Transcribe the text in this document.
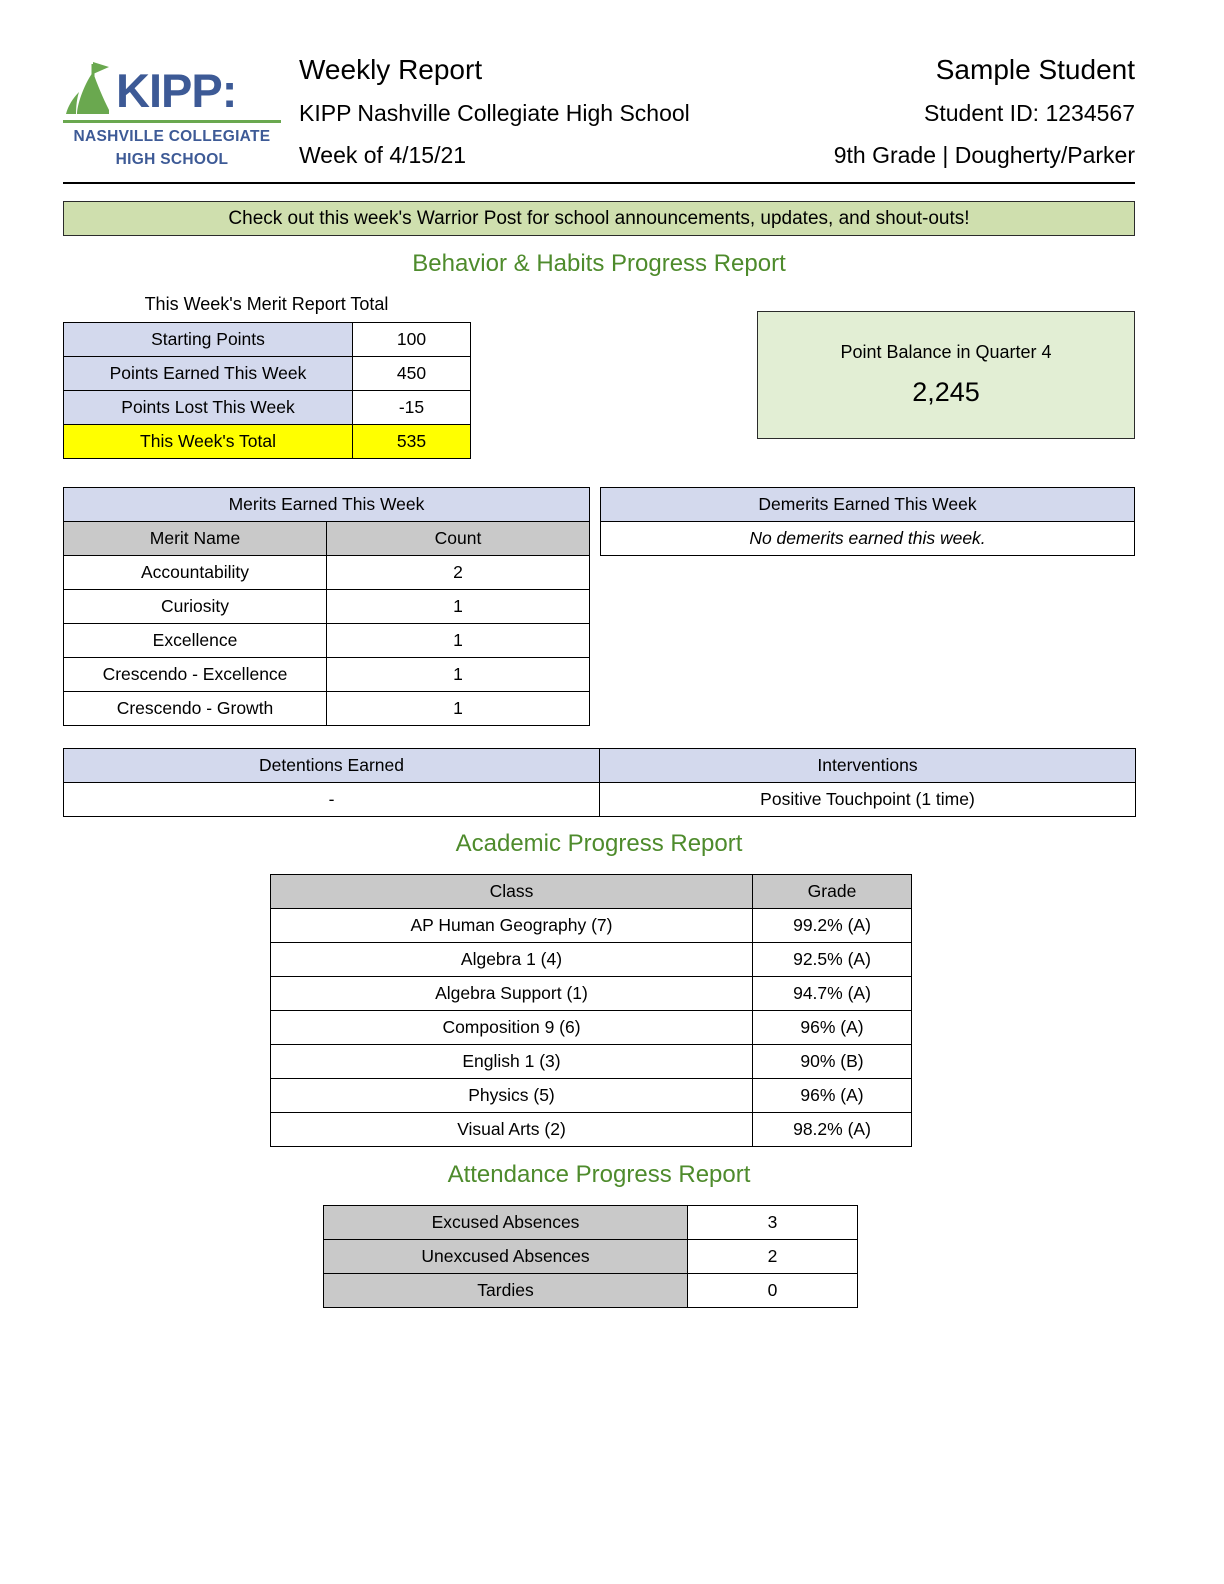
KIPP:
NASHVILLE COLLEGIATE
HIGH SCHOOL
Weekly Report
KIPP Nashville Collegiate High School
Week of 4/15/21
Sample Student
Student ID: 1234567
9th Grade | Dougherty/Parker
Check out this week's Warrior Post for school announcements, updates, and shout-outs!
Behavior & Habits Progress Report
This Week's Merit Report Total
Starting Points	100
Points Earned This Week	450
Points Lost This Week	-15
This Week's Total	535
Point Balance in Quarter 4
2,245
Merits Earned This Week	
Merit Name	Count
Accountability	2
Curiosity	1
Excellence	1
Crescendo - Excellence	1
Crescendo - Growth	1
Demerits Earned This Week
No demerits earned this week.
Detentions Earned	Interventions
-	Positive Touchpoint (1 time)
Academic Progress Report
Class	Grade
AP Human Geography (7)	99.2% (A)
Algebra 1 (4)	92.5% (A)
Algebra Support (1)	94.7% (A)
Composition 9 (6)	96% (A)
English 1 (3)	90% (B)
Physics (5)	96% (A)
Visual Arts (2)	98.2% (A)
Attendance Progress Report
Excused Absences	3
Unexcused Absences	2
Tardies	0
